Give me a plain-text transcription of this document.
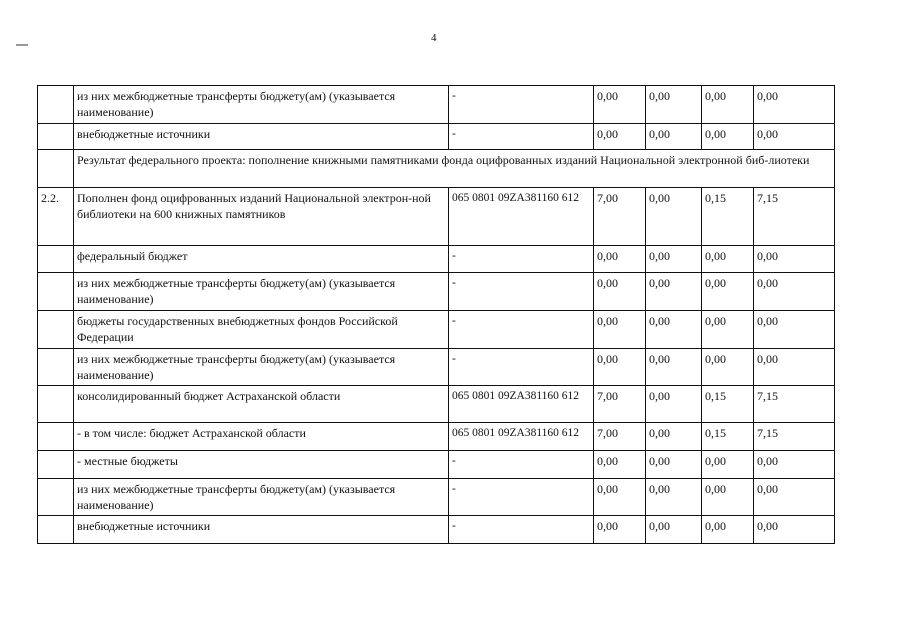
4
	из них межбюджетные трансферты бюджету(ам) (указывается наименование)	-	0,00	0,00	0,00	0,00
	внебюджетные источники	-	0,00	0,00	0,00	0,00
	Результат федерального проекта: пополнение книжными памятниками фонда оцифрованных изданий Национальной электронной биб-лиотеки					
2.2.	Пополнен фонд оцифрованных изданий Национальной электрон-ной библиотеки на 600 книжных памятников	065 0801 09ZA381160 612	7,00	0,00	0,15	7,15
	федеральный бюджет	-	0,00	0,00	0,00	0,00
	из них межбюджетные трансферты бюджету(ам) (указывается наименование)	-	0,00	0,00	0,00	0,00
	бюджеты государственных внебюджетных фондов Российской Федерации	-	0,00	0,00	0,00	0,00
	из них межбюджетные трансферты бюджету(ам) (указывается наименование)	-	0,00	0,00	0,00	0,00
	консолидированный бюджет Астраханской области	065 0801 09ZA381160 612	7,00	0,00	0,15	7,15
	- в том числе: бюджет Астраханской области	065 0801 09ZA381160 612	7,00	0,00	0,15	7,15
	- местные бюджеты	-	0,00	0,00	0,00	0,00
	из них межбюджетные трансферты бюджету(ам) (указывается наименование)	-	0,00	0,00	0,00	0,00
	внебюджетные источники	-	0,00	0,00	0,00	0,00
